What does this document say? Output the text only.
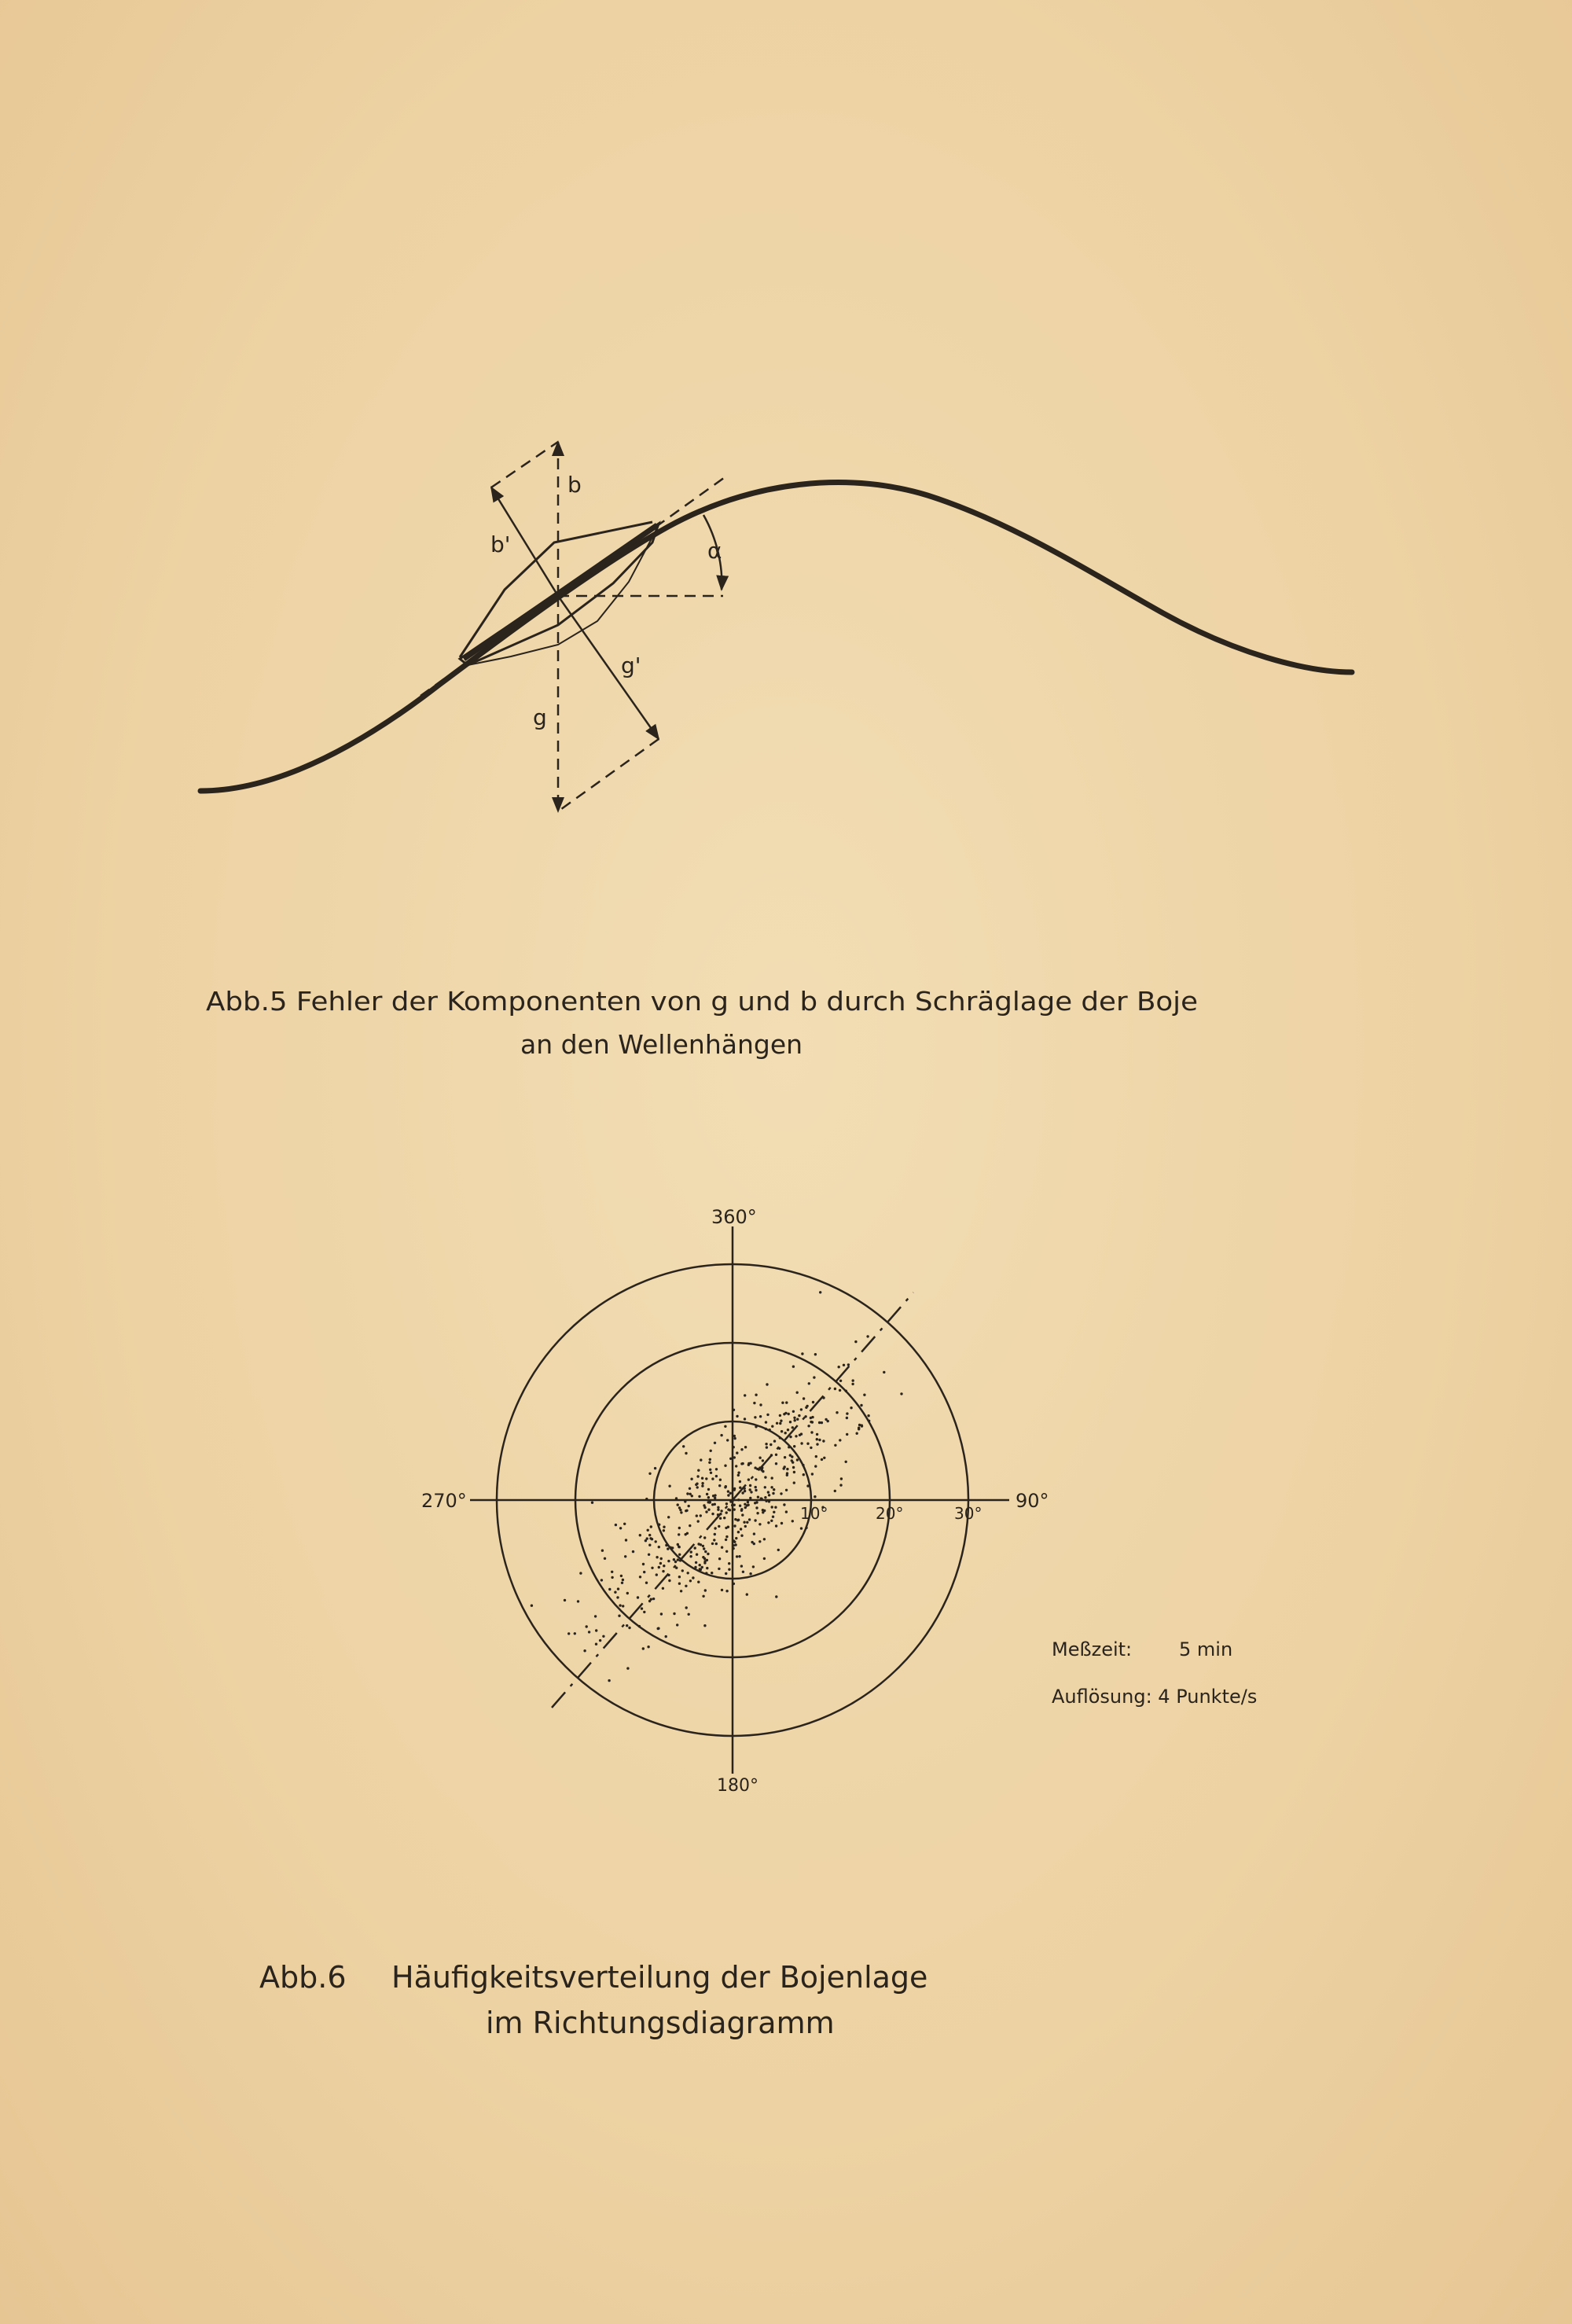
b
b'	α
g'
g
Abb.5 Fehler der Komponenten von g und b durch Schräglage der Boje
an den Wellenhängen
360°
90°
180°
270°
10°	20°	30°
Meßzeit: 5 min
Auflösung: 4 Punkte/s
Abb.6 Häufigkeitsverteilung der Bojenlage
im Richtungsdiagramm
